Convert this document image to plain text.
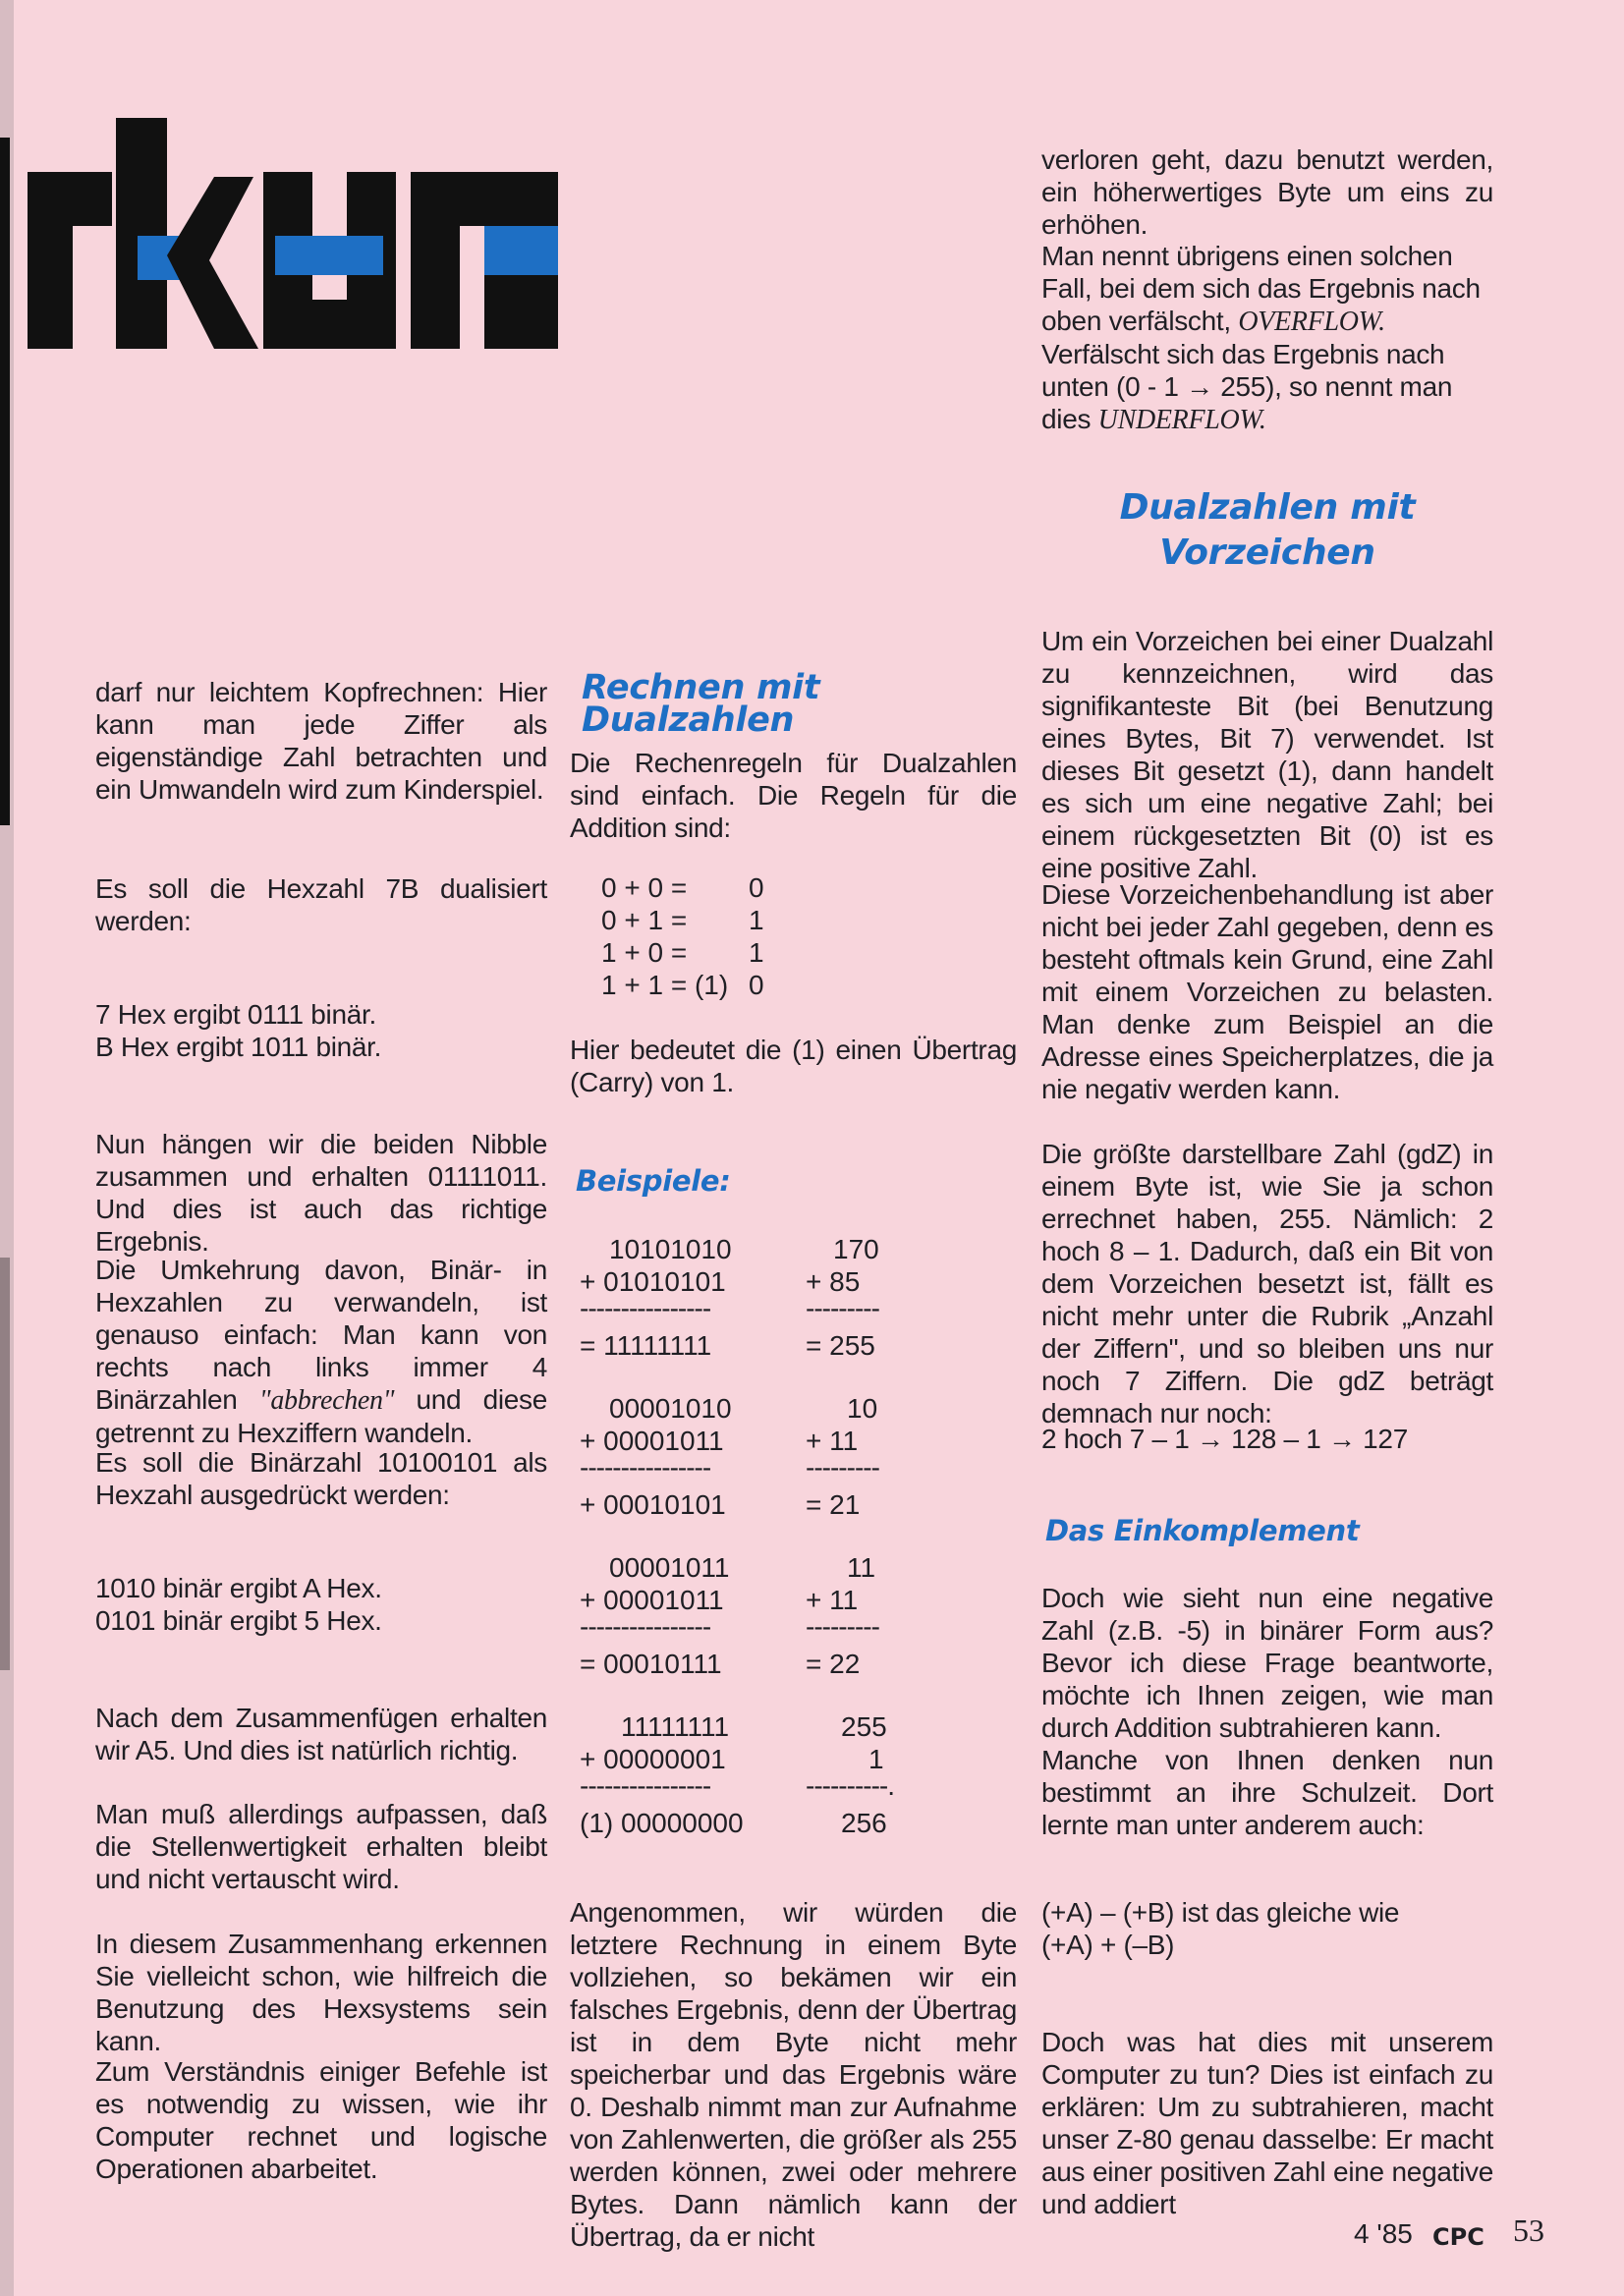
rkurs

darf nur leichtem Kopfrechnen: Hier kann man jede Ziffer als eigenständige Zahl betrachten und ein Umwandeln wird zum Kinderspiel.

Es soll die Hexzahl 7B dualisiert werden:

7 Hex ergibt 0111 binär.

B Hex ergibt 1011 binär.

Nun hängen wir die beiden Nibble zusammen und erhalten 01111011. Und dies ist auch das richtige Ergebnis.

Die Umkehrung davon, Binär- in Hexzahlen zu verwandeln, ist genauso einfach: Man kann von rechts nach links immer 4 Binärzahlen "abbrechen" und diese getrennt zu Hexziffern wandeln.

Es soll die Binärzahl 10100101 als Hexzahl ausgedrückt werden:

1010 binär ergibt A Hex.

0101 binär ergibt 5 Hex.

Nach dem Zusammenfügen erhalten wir A5. Und dies ist natürlich richtig.

Man muß allerdings aufpassen, daß die Stellenwertigkeit erhalten bleibt und nicht vertauscht wird.

In diesem Zusammenhang erkennen Sie vielleicht schon, wie hilfreich die Benutzung des Hexsystems sein kann.

Zum Verständnis einiger Befehle ist es notwendig zu wissen, wie ihr Computer rechnet und logische Operationen abarbeitet.

Rechnen mit Dualzahlen

Die Rechenregeln für Dualzahlen sind einfach. Die Regeln für die Addition sind:

0 + 0 =	0
0 + 1 = 1
1 + 0 = 1
1 + 1 = (1) 0

Hier bedeutet die (1) einen Übertrag (Carry) von 1.

Beispiele:
10101010
+ 01010101
----------------
= 11111111
170
+ 85
---------
= 255
00001010
+ 00001011
----------------
+ 00010101
10
+ 11
---------
= 21
00001011
+ 00001011
----------------
= 00010111
11
+ 11
---------
= 22
11111111
+ 00000001
----------------
(1) 00000000
255
1
----------.
256

Angenommen, wir würden die letztere Rechnung in einem Byte vollziehen, so bekämen wir ein falsches Ergebnis, denn der Übertrag ist in dem Byte nicht mehr speicherbar und das Ergebnis wäre 0. Deshalb nimmt man zur Aufnahme von Zahlenwerten, die größer als 255 werden können, zwei oder mehrere Bytes. Dann nämlich kann der Übertrag, da er nicht

verloren geht, dazu benutzt werden, ein höherwertiges Byte um eins zu erhöhen.

Man nennt übrigens einen solchen Fall, bei dem sich das Ergebnis nach oben verfälscht, OVERFLOW.

Verfälscht sich das Ergebnis nach unten (0 - 1 → 255), so nennt man dies UNDERFLOW.

Dualzahlen mit
Vorzeichen

Um ein Vorzeichen bei einer Dualzahl zu kennzeichnen, wird das signifikanteste Bit (bei Benutzung eines Bytes, Bit 7) verwendet. Ist dieses Bit gesetzt (1), dann handelt es sich um eine negative Zahl; bei einem rückgesetzten Bit (0) ist es eine positive Zahl.

Diese Vorzeichenbehandlung ist aber nicht bei jeder Zahl gegeben, denn es besteht oftmals kein Grund, eine Zahl mit einem Vorzeichen zu belasten. Man denke zum Beispiel an die Adresse eines Speicherplatzes, die ja nie negativ werden kann.

Die größte darstellbare Zahl (gdZ) in einem Byte ist, wie Sie ja schon errechnet haben, 255. Nämlich: 2 hoch 8 – 1. Dadurch, daß ein Bit von dem Vorzeichen besetzt ist, fällt es nicht mehr unter die Rubrik „Anzahl der Ziffern", und so bleiben uns nur noch 7 Ziffern. Die gdZ beträgt demnach nur noch:

2 hoch 7 – 1 → 128 – 1 → 127

Das Einkomplement

Doch wie sieht nun eine negative Zahl (z.B. -5) in binärer Form aus? Bevor ich diese Frage beantworte, möchte ich Ihnen zeigen, wie man durch Addition subtrahieren kann.

Manche von Ihnen denken nun bestimmt an ihre Schulzeit. Dort lernte man unter anderem auch:

(+A) – (+B) ist das gleiche wie

(+A) + (–B)

Doch was hat dies mit unserem Computer zu tun? Dies ist einfach zu erklären: Um zu subtrahieren, macht unser Z-80 genau dasselbe: Er macht aus einer positiven Zahl eine negative und addiert

4 '85 CPC 53
